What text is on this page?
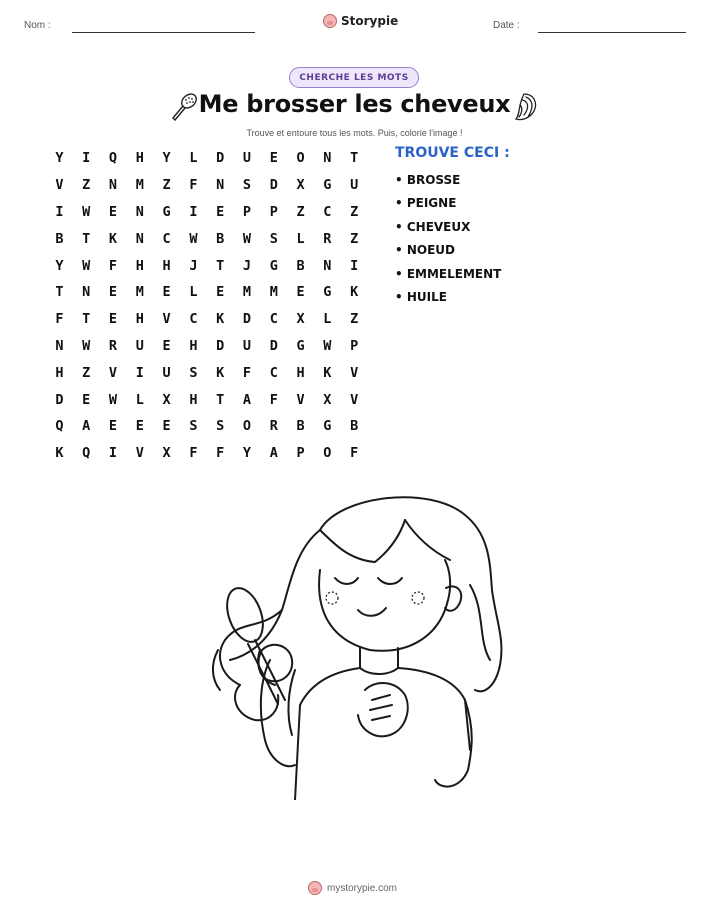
Nom :	Storypie	Date :
CHERCHE LES MOTS
Me brosser les cheveux
Trouve et entoure tous les mots. Puis, colorie l'image !
Y	I	Q	H	Y	L	D	U	E	O	N	T
V	Z	N	M	Z	F	N	S	D	X	G	U
I	W	E	N	G	I	E	P	P	Z	C	Z
B	T	K	N	C	W	B	W	S	L	R	Z
Y	W	F	H	H	J	T	J	G	B	N	I
T	N	E	M	E	L	E	M	M	E	G	K
F	T	E	H	V	C	K	D	C	X	L	Z
N	W	R	U	E	H	D	U	D	G	W	P
H	Z	V	I	U	S	K	F	C	H	K	V
D	E	W	L	X	H	T	A	F	V	X	V
Q	A	E	E	E	S	S	O	R	B	G	B
K	Q	I	V	X	F	F	Y	A	P	O	F
TROUVE CECI :
• BROSSE
• PEIGNE
• CHEVEUX
• NOEUD
• EMMELEMENT
• HUILE
mystorypie.com
